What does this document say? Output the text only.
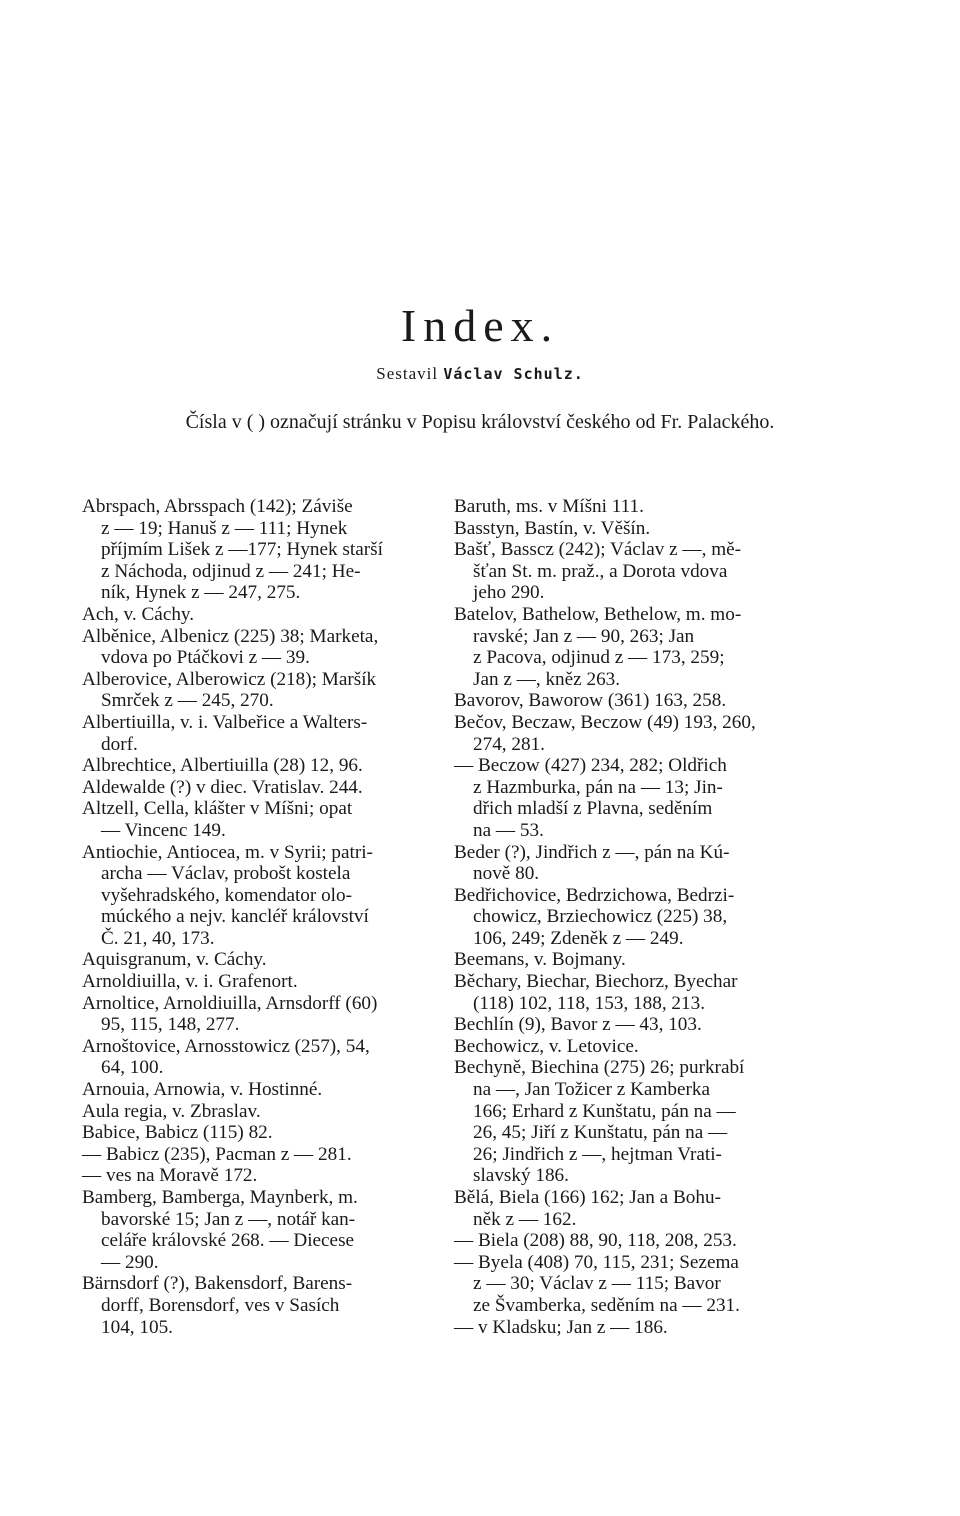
Index.
Sestavil Václav Schulz.
Čísla v ( ) označují stránku v Popisu království českého od Fr. Palackého.
Abrspach, Abrsspach (142); Záviše
z — 19; Hanuš z — 111; Hynek
příjmím Lišek z —177; Hynek starší
z Náchoda, odjinud z — 241; He-
ník, Hynek z — 247, 275.
Ach, v. Cáchy.
Alběnice, Albenicz (225) 38; Marketa,
vdova po Ptáčkovi z — 39.
Alberovice, Alberowicz (218); Maršík
Smrček z — 245, 270.
Albertiuilla, v. i. Valbeřice a Walters-
dorf.
Albrechtice, Albertiuilla (28) 12, 96.
Aldewalde (?) v diec. Vratislav. 244.
Altzell, Cella, klášter v Míšni; opat
— Vincenc 149.
Antiochie, Antiocea, m. v Syrii; patri-
archa — Václav, probošt kostela
vyšehradského, komendator olo-
múckého a nejv. kancléř království
Č. 21, 40, 173.
Aquisgranum, v. Cáchy.
Arnoldiuilla, v. i. Grafenort.
Arnoltice, Arnoldiuilla, Arnsdorff (60)
95, 115, 148, 277.
Arnoštovice, Arnosstowicz (257), 54,
64, 100.
Arnouia, Arnowia, v. Hostinné.
Aula regia, v. Zbraslav.
Babice, Babicz (115) 82.
— Babicz (235), Pacman z — 281.
— ves na Moravě 172.
Bamberg, Bamberga, Maynberk, m.
bavorské 15; Jan z —, notář kan-
celáře královské 268. — Diecese
— 290.
Bärnsdorf (?), Bakensdorf, Barens-
dorff, Borensdorf, ves v Sasích
104, 105.
Baruth, ms. v Míšni 111.
Basstyn, Bastín, v. Věšín.
Bašť, Basscz (242); Václav z —, mě-
šťan St. m. praž., a Dorota vdova
jeho 290.
Batelov, Bathelow, Bethelow, m. mo-
ravské; Jan z — 90, 263; Jan
z Pacova, odjinud z — 173, 259;
Jan z —, kněz 263.
Bavorov, Baworow (361) 163, 258.
Bečov, Beczaw, Beczow (49) 193, 260,
274, 281.
— Beczow (427) 234, 282; Oldřich
z Hazmburka, pán na — 13; Jin-
dřich mladší z Plavna, seděním
na — 53.
Beder (?), Jindřich z —, pán na Kú-
nově 80.
Bedřichovice, Bedrzichowa, Bedrzi-
chowicz, Brziechowicz (225) 38,
106, 249; Zdeněk z — 249.
Beemans, v. Bojmany.
Běchary, Biechar, Biechorz, Byechar
(118) 102, 118, 153, 188, 213.
Bechlín (9), Bavor z — 43, 103.
Bechowicz, v. Letovice.
Bechyně, Biechina (275) 26; purkrabí
na —, Jan Tožicer z Kamberka
166; Erhard z Kunštatu, pán na —
26, 45; Jiří z Kunštatu, pán na —
26; Jindřich z —, hejtman Vrati-
slavský 186.
Bělá, Biela (166) 162; Jan a Bohu-
něk z — 162.
— Biela (208) 88, 90, 118, 208, 253.
— Byela (408) 70, 115, 231; Sezema
z — 30; Václav z — 115; Bavor
ze Švamberka, seděním na — 231.
— v Kladsku; Jan z — 186.
